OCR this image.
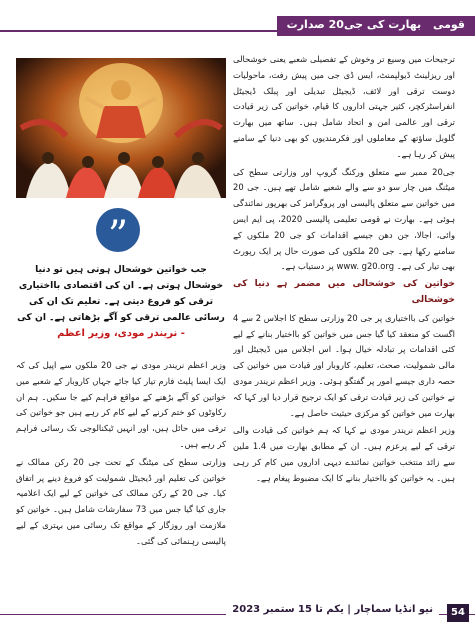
قومی بھارت کی جی20 صدارت
”
جب خواتین خوشحال ہوتی ہیں تو دنیا خوشحال ہوتی ہے۔ ان کی اقتصادی بااختیاری ترقی کو فروغ دیتی ہے۔ تعلیم تک ان کی رسائی عالمی ترقی کو آگے بڑھاتی ہے۔ ان کی
- نریندر مودی، وزیر اعظم

ترجیحات میں وسیع تر وخوش کے تفصیلی شعبے یعنی خوشحالی اور ریزلینٹ ڈیولپمنٹ، ایس ڈی جی میں پیش رفت، ماحولیات دوست ترقی اور لائف، ڈیجیٹل تبدیلی اور پبلک ڈیجیٹل انفراسٹرکچر، کثیر جہتی اداروں کا قیام، خواتین کی زیر قیادت ترقی اور عالمی امن و اتحاد شامل ہیں۔ ساتھ میں بھارت گلوبل ساؤتھ کے معاملوں اور فکرمندیوں کو بھی دنیا کے سامنے پیش کر رہا ہے۔

جی20 ممبر سے متعلق ورکنگ گروپ اور وزارتی سطح کی میٹنگ میں چار سو دو سے والے شعبے شامل تھے ہیں۔ جی 20 میں خواتین سے متعلق پالیسی اور پروگرامز کی بھرپور نمائندگی ہوئی ہے۔ بھارت نے قومی تعلیمی پالیسی 2020، پی ایم ایس وائی، اجالا، جن دھن جیسے اقدامات کو جی 20 ملکوں کے سامنے رکھا ہے۔ جی 20 ملکوں کی صورت حال پر ایک رپورٹ بھی تیار کی ہے۔ www. g20.org پر دستیاب ہے۔

خواتین کی خوشحالی میں مضمر ہے دنیا کی خوشحالی

خواتین کی بااختیاری پر جی 20 وزارتی سطح کا اجلاس 2 سے 4 اگست کو منعقد کیا گیا جس میں خواتین کو بااختیار بنانے کے لیے کئی اقدامات پر تبادلہ خیال ہوا۔ اس اجلاس میں ڈیجیٹل اور مالی شمولیت، صحت، تعلیم، کاروبار اور قیادت میں خواتین کی حصہ داری جیسے امور پر گفتگو ہوئی۔ وزیر اعظم نریندر مودی نے خواتین کی زیر قیادت ترقی کو ایک ترجیح قرار دیا اور کہا کہ بھارت میں خواتین کو مرکزی حیثیت حاصل ہے۔

وزیر اعظم نریندر مودی نے کہا کہ ہم خواتین کی قیادت والی ترقی کے لیے پرعزم ہیں۔ ان کے مطابق بھارت میں 1.4 ملین سے زائد منتخب خواتین نمائندے دیہی اداروں میں کام کر رہی ہیں۔ یہ خواتین کو بااختیار بنانے کا ایک مضبوط پیغام ہے۔

وزیر اعظم نریندر مودی نے جی 20 ملکوں سے اپیل کی کہ ایک ایسا پلیٹ فارم تیار کیا جائے جہاں کاروبار کے شعبے میں خواتین کو آگے بڑھنے کے مواقع فراہم کیے جا سکیں۔ ہم ان رکاوٹوں کو ختم کرنے کے لیے کام کر رہے ہیں جو خواتین کی ترقی میں حائل ہیں، اور انہیں ٹیکنالوجی تک رسائی فراہم کر رہے ہیں۔

وزارتی سطح کی میٹنگ کے تحت جی 20 رکن ممالک نے خواتین کی تعلیم اور ڈیجیٹل شمولیت کو فروغ دینے پر اتفاق کیا۔ جی 20 کے رکن ممالک کی خواتین کے لیے ایک اعلامیہ جاری کیا گیا جس میں 73 سفارشات شامل ہیں۔ خواتین کو ملازمت اور روزگار کے مواقع تک رسائی میں بہتری کے لیے پالیسی رہنمائی کی گئی۔

نیو انڈیا سماچار | یکم تا 15 ستمبر 2023	54
